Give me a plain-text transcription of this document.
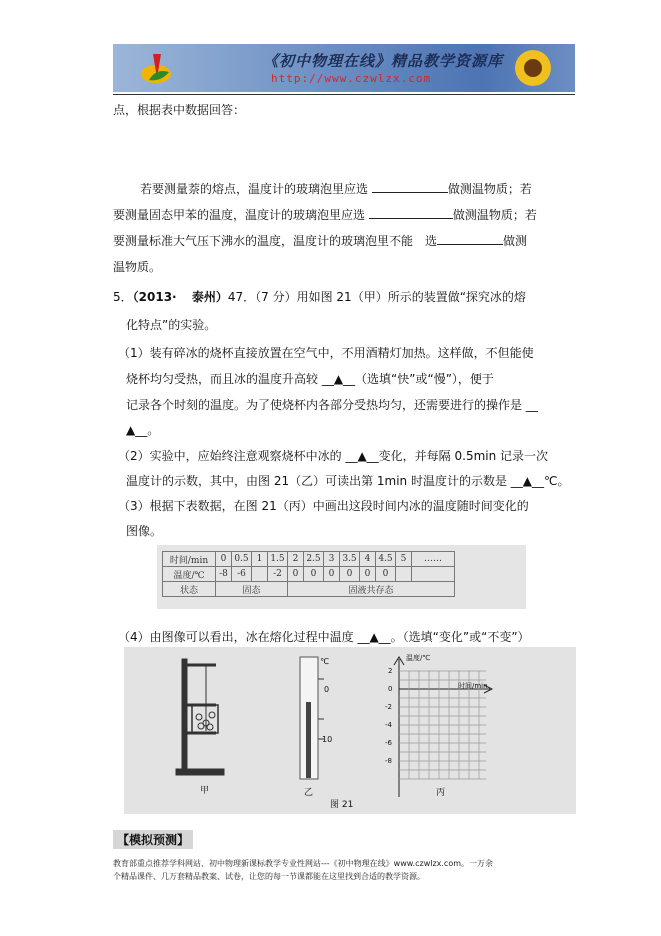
《初中物理在线》精品教学资源库
http://www.czwlzx.com
点，根据表中数据回答：
若要测量萘的熔点，温度计的玻璃泡里应选	做测温物质；若
要测量固态甲苯的温度，温度计的玻璃泡里应选	做测温物质；若
要测量标准大气压下沸水的温度，温度计的玻璃泡里不能　选	做测
温物质。
5．（2013· 泰州）47．（7 分）用如图 21（甲）所示的装置做“探究冰的熔
化特点”的实验。
（1）装有碎冰的烧杯直接放置在空气中，不用酒精灯加热。这样做，不但能使
烧杯均匀受热，而且冰的温度升高较 __▲__（选填“快”或“慢”），便于
记录各个时刻的温度。为了使烧杯内各部分受热均匀，还需要进行的操作是 __
▲__。
（2）实验中，应始终注意观察烧杯中冰的 __▲__变化，并每隔 0.5min 记录一次
温度计的示数，其中，由图 21（乙）可读出第 1min 时温度计的示数是 __▲__℃。
（3）根据下表数据，在图 21（丙）中画出这段时间内冰的温度随时间变化的
图像。
时间/min	0	0.5	1	1.5	2	2.5	3	3.5	4	4.5	5	……
温度/℃	-8	-6		-2	0	0	0	0	0	0		
状态	固态				固液共存态							
（4）由图像可以看出，冰在熔化过程中温度 __▲__。（选填“变化”或“不变”）
℃
0
10
温度/℃
时间/min
2
0
-2
-4
-6
-8
甲	乙	丙
图 21
【模拟预测】
教育部重点推荐学科网站、初中物理新课标教学专业性网站---《初中物理在线》www.czwlzx.com。一万余
个精品课件、几万套精品教案、试卷，让您的每一节课都能在这里找到合适的教学资源。
